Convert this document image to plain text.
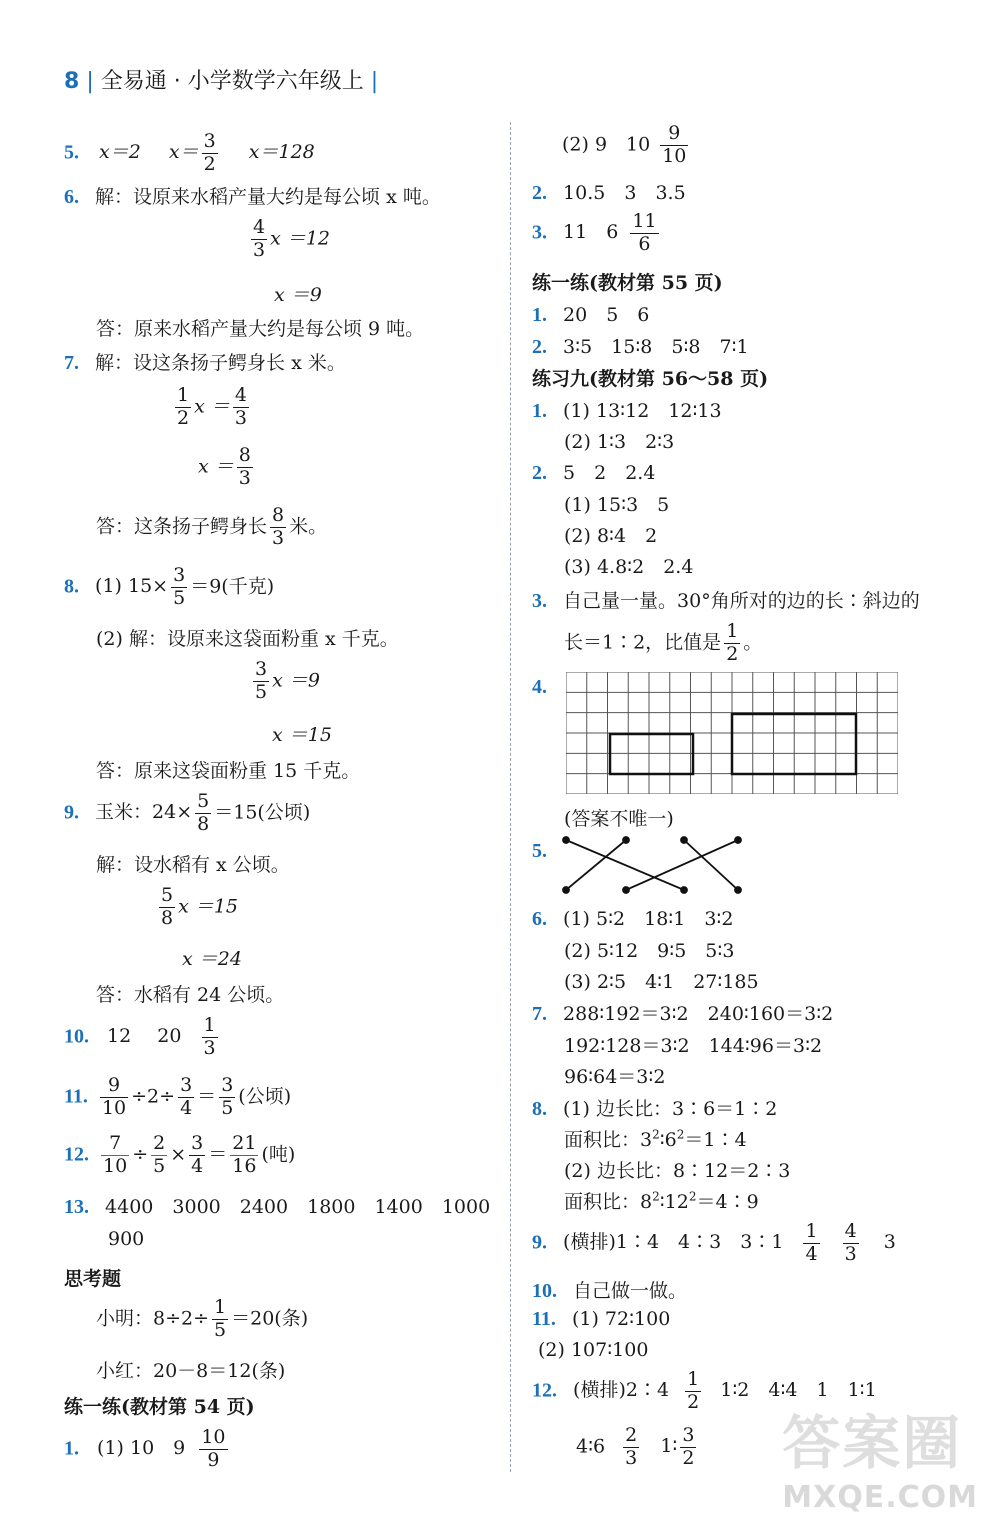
8 | 全易通 · 小学数学六年级上 |
5. x＝2 $x= \frac{3}{2} x=128$
6. 解：设原来水稻产量大约是每公顷 x 吨。
$\frac{4}{3}$ x ＝12
x ＝9
答：原来水稻产量大约是每公顷 9 吨。
7. 解：设这条扬子鳄身长 x 米。
$\frac{1}{2}$ $x = \frac{4}{3}$
$x = \frac{8}{3}$
答：这条扬子鳄身长 $\frac{8}{3}$ 米。
8. (1) $15\times \frac{3}{5} =9$(千克)
(2) 解：设原来这袋面粉重 x 千克。
$\frac{3}{5}$ x ＝9
x ＝15
答：原来这袋面粉重 15 千克。
9. 玉米：$24\times \frac{5}{8} =15$(公顷)
解：设水稻有 x 公顷。
$\frac{5}{8}$ x ＝15
x ＝24
答：水稻有 24 公顷。
10. 12 $20 \frac{1}{3}$
11. $\frac{9}{10} \div 2\div \frac{3}{4} = \frac{3}{5}$ (公顷)
12. $\frac{7}{10} \div \frac{2}{5} \times \frac{3}{4} = \frac{21}{16}$ (吨)
13. 4400　3000　2400　1800　1400　1000
900
思考题
小明：$8\div 2\div \frac{1}{5} =20$(条)
小红：20－8＝12(条)
练一练(教材第 54 页)
1. (1) 10　$9 \frac{10}{9}$
(2) 9　$10 \frac{9}{10}$
2. 10.5　3　3.5
3. 11　$6 \frac{11}{6}$
练一练(教材第 55 页)
1. 20　5　6
2. 3∶5　15∶8　5∶8　7∶1
练习九(教材第 56～58 页)
1. (1) 13∶12　12∶13
(2) 1∶3　2∶3
2. 5　2　2.4
(1) 15∶3　5
(2) 8∶4　2
(3) 4.8∶2　2.4
3. 自己量一量。30°角所对的边的长∶斜边的
长＝1∶2，比值是 $\frac{1}{2}$ 。
4.
(答案不唯一)
5.
6. (1) 5∶2　18∶1　3∶2
(2) 5∶12　9∶5　5∶3
(3) 2∶5　4∶1　27∶185
7. 288∶192＝3∶2　240∶160＝3∶2
192∶128＝3∶2　144∶96＝3∶2
96∶64＝3∶2
8. (1) 边长比：3∶6＝1∶2
面积比：$3^2∶6^2=1∶4$
(2) 边长比：8∶12＝2∶3
面积比：$8^2∶12^2=4∶9$
9. (横排)1∶4　4∶3　3∶1 $\frac{1}{4}$
$\frac{4}{3} 3$
10. 自己做一做。
11. (1) 72∶100
(2) 107∶100
12. (横排)2∶4 $\frac{1}{2}$ 1∶2　4∶4　1　1∶1
4∶6 $\frac{2}{3}$ 1∶ $\frac{3}{2}$ 答案圈
MXQE.COM
